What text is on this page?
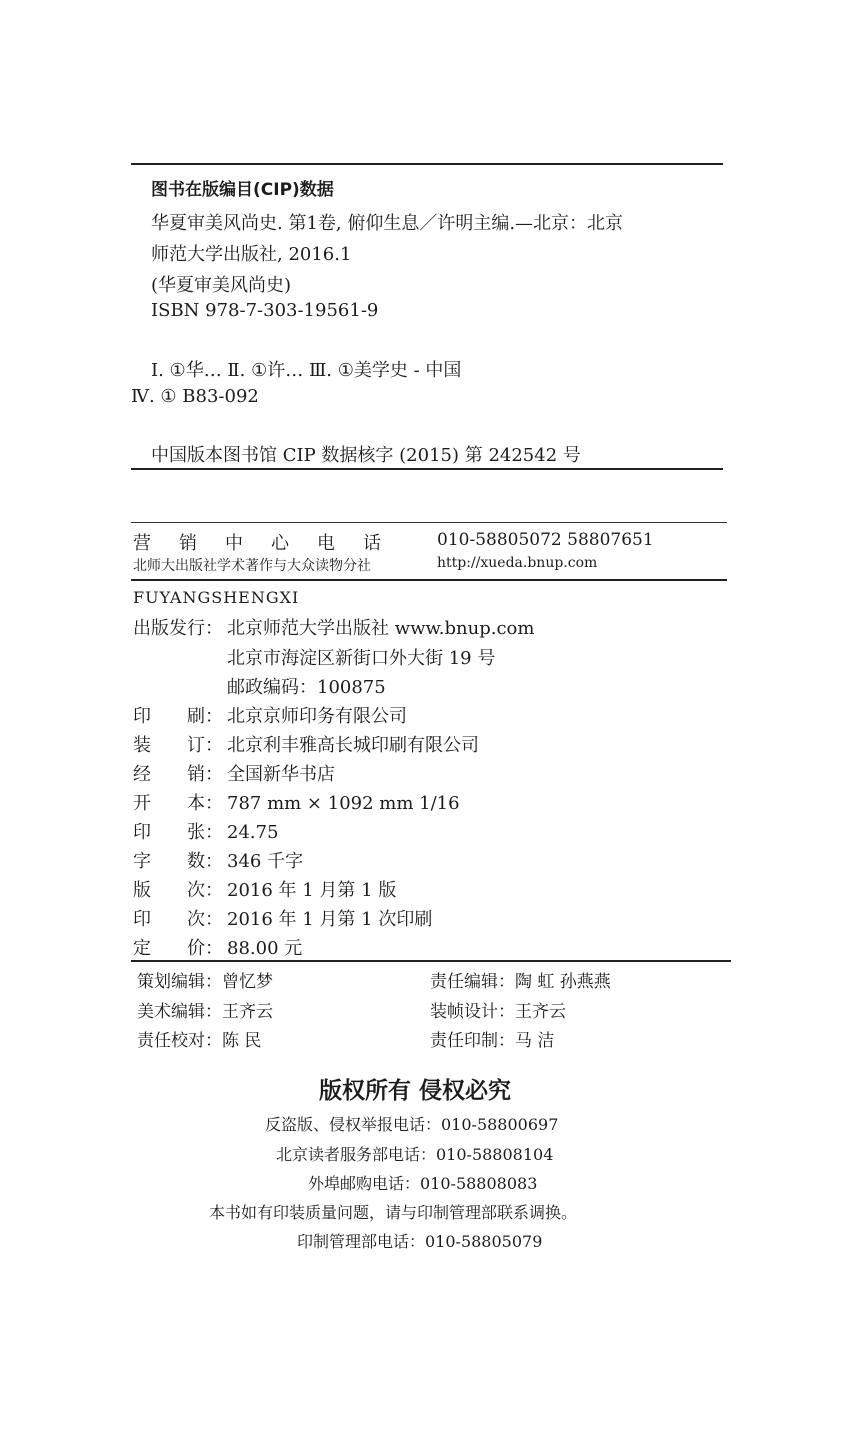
图书在版编目(CIP)数据
华夏审美风尚史. 第1卷, 俯仰生息／许明主编.—北京：北京
师范大学出版社, 2016.1
(华夏审美风尚史)
ISBN 978-7-303-19561-9
Ⅰ. ①华… Ⅱ. ①许… Ⅲ. ①美学史 - 中国
Ⅳ. ① B83-092
中国版本图书馆 CIP 数据核字 (2015) 第 242542 号
营销中心电话 010-58805072 58807651
北师大出版社学术著作与大众读物分社	http://xueda.bnup.com
FUYANGSHENGXI
出版发行： 北京师范大学出版社 www.bnup.com
北京市海淀区新街口外大街 19 号
邮政编码：100875
印　　刷： 北京京师印务有限公司
装　　订： 北京利丰雅高长城印刷有限公司
经　　销： 全国新华书店
开　　本： 787 mm × 1092 mm 1/16
印　　张： 24.75
字　　数： 346 千字
版　　次： 2016 年 1 月第 1 版
印　　次： 2016 年 1 月第 1 次印刷
定　　价： 88.00 元
策划编辑：曾忆梦	责任编辑：陶 虹 孙燕燕
美术编辑：王齐云	装帧设计：王齐云
责任校对：陈 民	责任印制：马 洁
版权所有 侵权必究
反盗版、侵权举报电话：010-58800697
北京读者服务部电话：010-58808104
外埠邮购电话：010-58808083
本书如有印装质量问题，请与印制管理部联系调换。
印制管理部电话：010-58805079
